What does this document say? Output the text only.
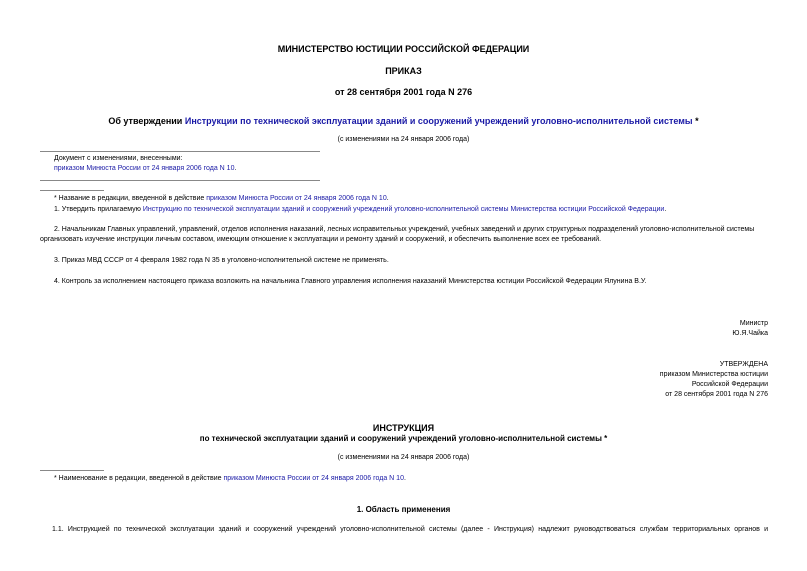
МИНИСТЕРСТВО ЮСТИЦИИ РОССИЙСКОЙ ФЕДЕРАЦИИ
ПРИКАЗ
от 28 сентября 2001 года N 276
Об утверждении Инструкции по технической эксплуатации зданий и сооружений учреждений уголовно-исполнительной системы *
(с изменениями на 24 января 2006 года)
Документ с изменениями, внесенными:
приказом Минюста России от 24 января 2006 года N 10.
* Название в редакции, введенной в действие приказом Минюста России от 24 января 2006 года N 10.
1. Утвердить прилагаемую Инструкцию по технической эксплуатации зданий и сооружений учреждений уголовно-исполнительной системы Министерства юстиции Российской Федерации.
2. Начальникам Главных управлений, управлений, отделов исполнения наказаний, лесных исправительных учреждений, учебных заведений и других структурных подразделений уголовно-исполнительной системы
организовать изучение инструкции личным составом, имеющим отношение к эксплуатации и ремонту зданий и сооружений, и обеспечить выполнение всех ее требований.
3. Приказ МВД СССР от 4 февраля 1982 года N 35 в уголовно-исполнительной системе не применять.
4. Контроль за исполнением настоящего приказа возложить на начальника Главного управления исполнения наказаний Министерства юстиции Российской Федерации Ялунина В.У.
Министр
Ю.Я.Чайка
УТВЕРЖДЕНА
приказом Министерства юстиции
Российской Федерации
от 28 сентября 2001 года N 276
ИНСТРУКЦИЯ
по технической эксплуатации зданий и сооружений учреждений уголовно-исполнительной системы *
(с изменениями на 24 января 2006 года)
* Наименование в редакции, введенной в действие приказом Минюста России от 24 января 2006 года N 10.
1. Область применения
1.1. Инструкцией по технической эксплуатации зданий и сооружений учреждений уголовно-исполнительной системы (далее - Инструкция) надлежит руководствоваться службам территориальных органов и
